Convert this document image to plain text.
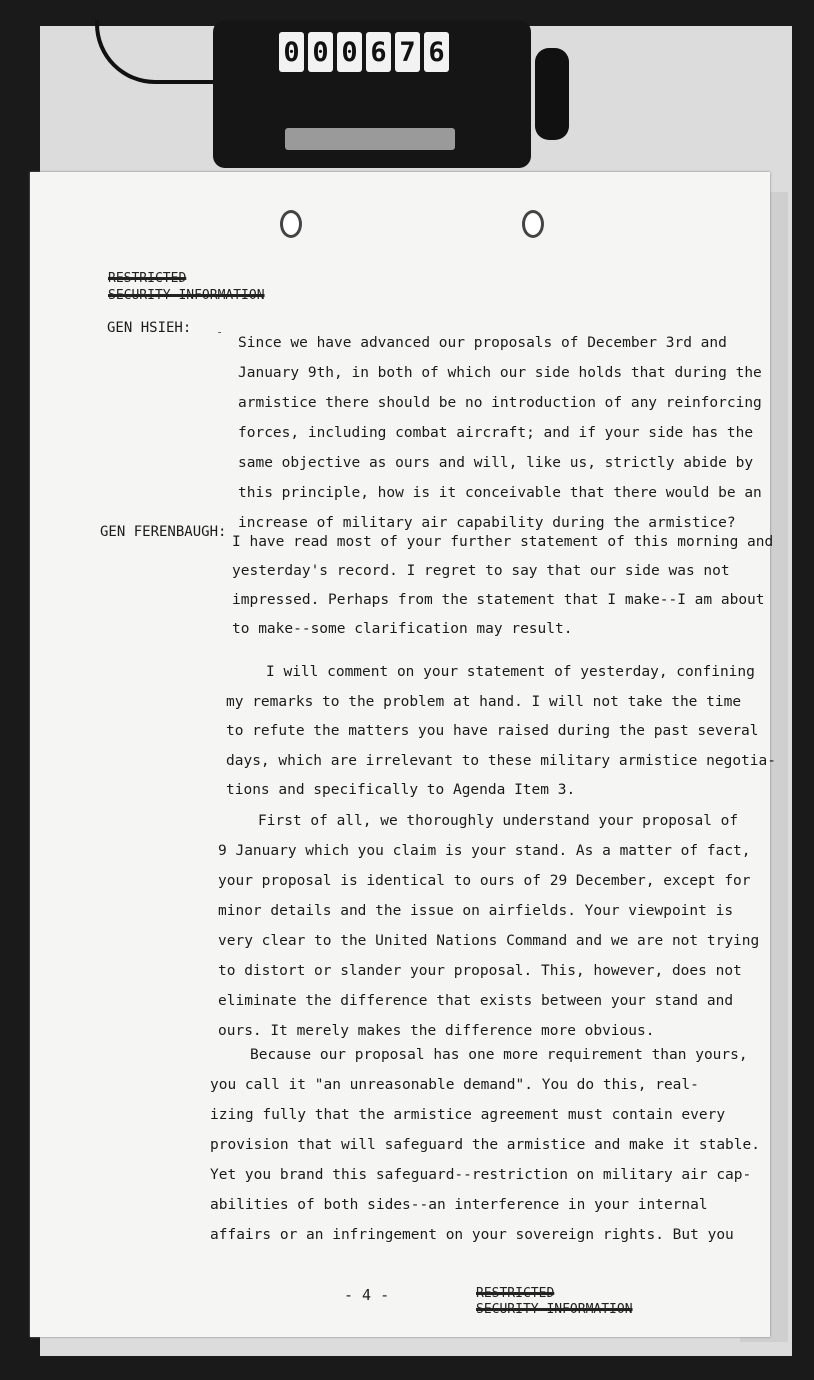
0 0 0 6 7 6
RESTRICTED
SECURITY INFORMATION
GEN HSIEH: -
Since we have advanced our proposals of December 3rd and
January 9th, in both of which our side holds that during the
armistice there should be no introduction of any reinforcing
forces, including combat aircraft; and if your side has the
same objective as ours and will, like us, strictly abide by
this principle, how is it conceivable that there would be an
increase of military air capability during the armistice?
GEN FERENBAUGH:
I have read most of your further statement of this morning and
yesterday's record. I regret to say that our side was not
impressed. Perhaps from the statement that I make--I am about
to make--some clarification may result.
I will comment on your statement of yesterday, confining
my remarks to the problem at hand. I will not take the time
to refute the matters you have raised during the past several
days, which are irrelevant to these military armistice negotia-
tions and specifically to Agenda Item 3.
First of all, we thoroughly understand your proposal of
9 January which you claim is your stand. As a matter of fact,
your proposal is identical to ours of 29 December, except for
minor details and the issue on airfields. Your viewpoint is
very clear to the United Nations Command and we are not trying
to distort or slander your proposal. This, however, does not
eliminate the difference that exists between your stand and
ours. It merely makes the difference more obvious.
Because our proposal has one more requirement than yours,
you call it "an unreasonable demand". You do this, real-
izing fully that the armistice agreement must contain every
provision that will safeguard the armistice and make it stable.
Yet you brand this safeguard--restriction on military air cap-
abilities of both sides--an interference in your internal
affairs or an infringement on your sovereign rights. But you
- 4 -	RESTRICTED
SECURITY INFORMATION
